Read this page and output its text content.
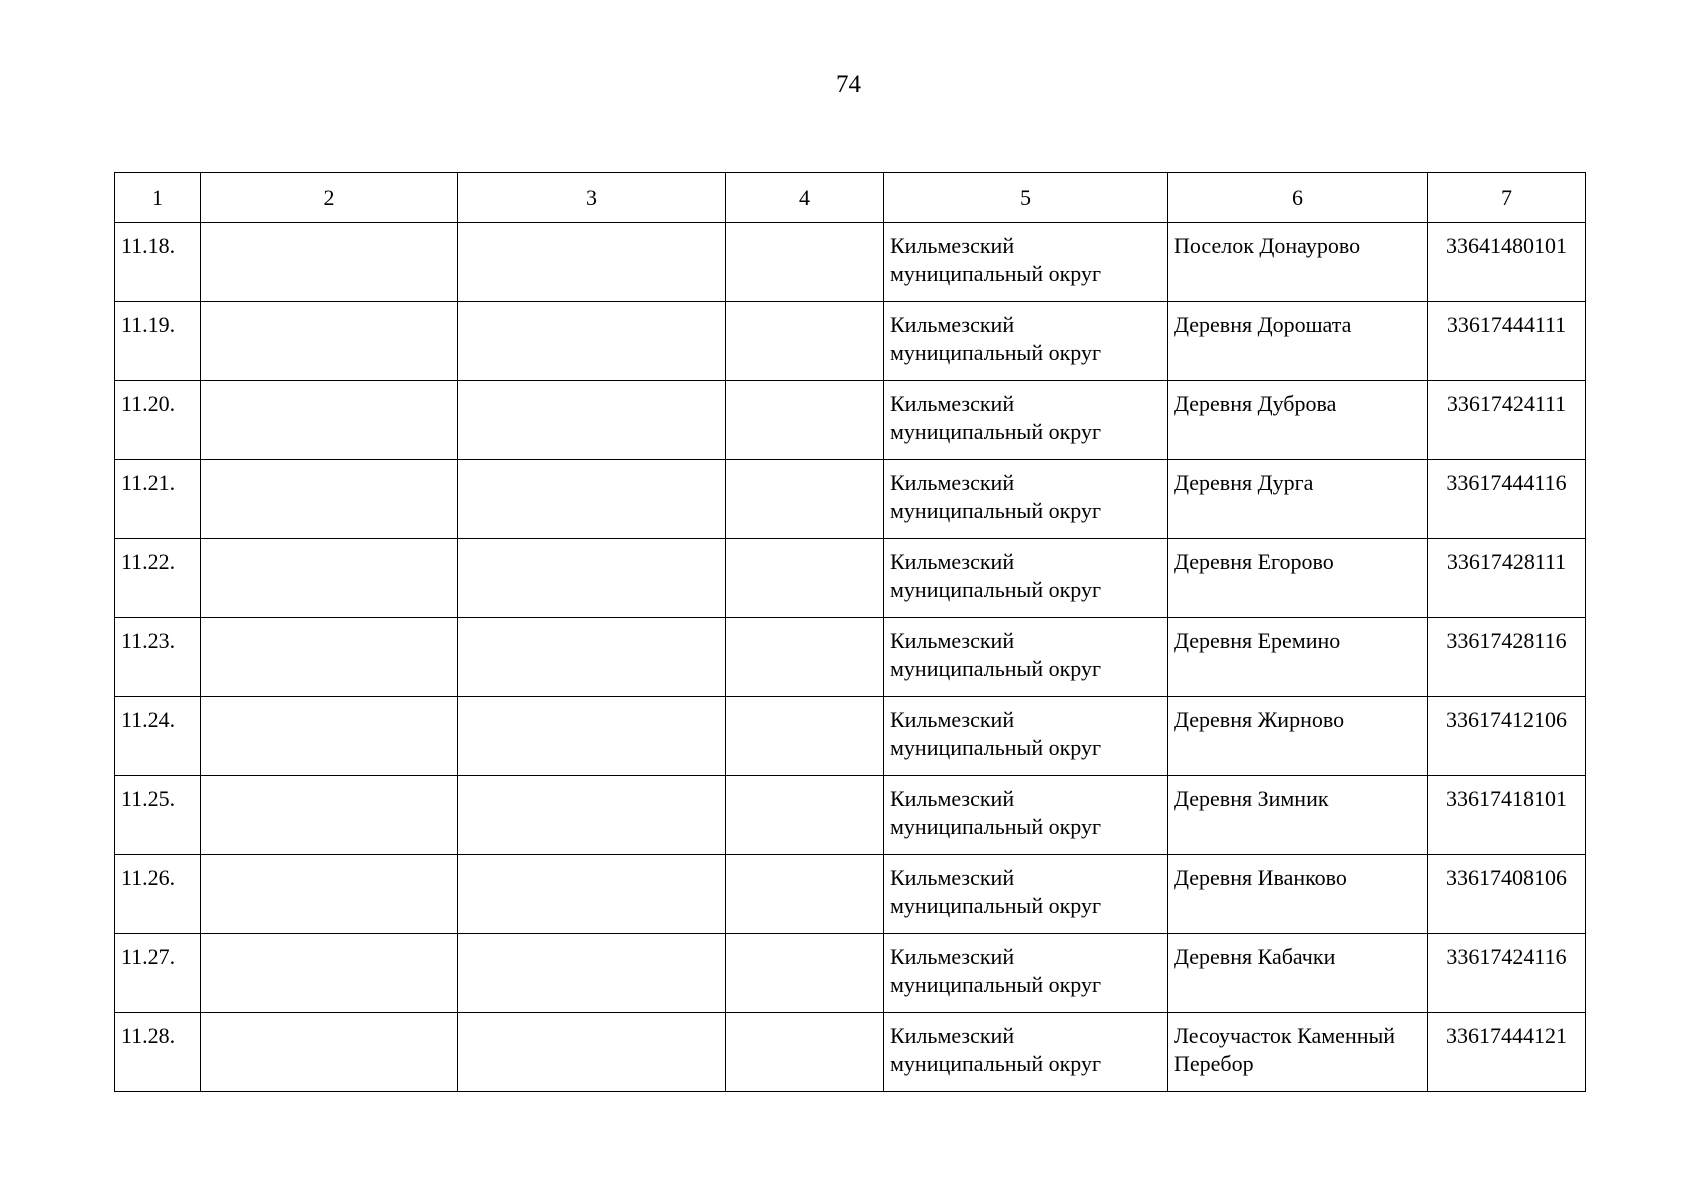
74
1	2	3	4	5	6	7
11.18.				Кильмезский муниципальный округ	Поселок Донаурово	33641480101
11.19.				Кильмезский муниципальный округ	Деревня Дорошата	33617444111
11.20.				Кильмезский муниципальный округ	Деревня Дуброва	33617424111
11.21.				Кильмезский муниципальный округ	Деревня Дурга	33617444116
11.22.				Кильмезский муниципальный округ	Деревня Егорово	33617428111
11.23.				Кильмезский муниципальный округ	Деревня Еремино	33617428116
11.24.				Кильмезский муниципальный округ	Деревня Жирново	33617412106
11.25.				Кильмезский муниципальный округ	Деревня Зимник	33617418101
11.26.				Кильмезский муниципальный округ	Деревня Иванково	33617408106
11.27.				Кильмезский муниципальный округ	Деревня Кабачки	33617424116
11.28.				Кильмезский муниципальный округ	Лесоучасток Каменный Перебор	33617444121
